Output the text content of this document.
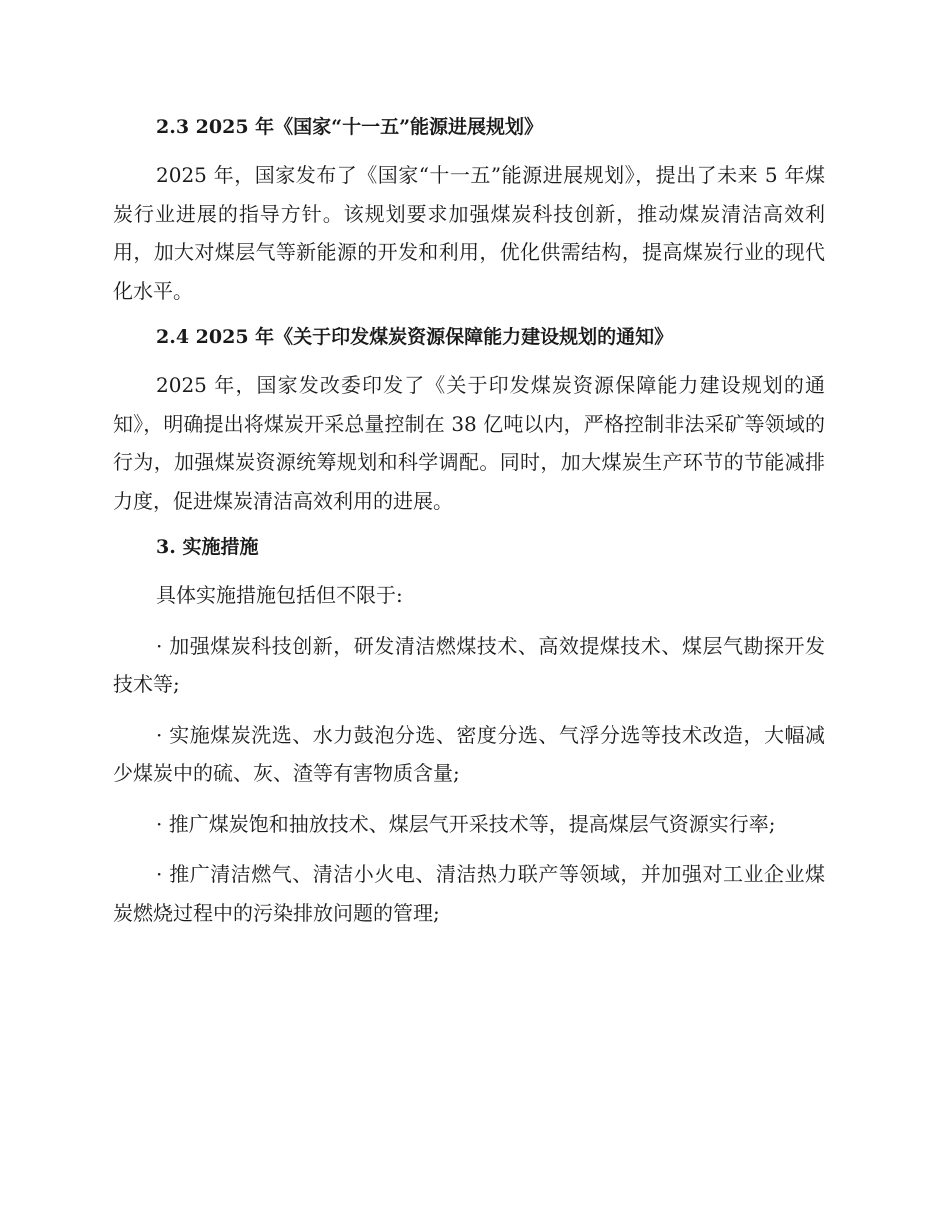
2.3 2025 年《国家“十一五”能源进展规划》

2025 年，国家发布了《国家“十一五”能源进展规划》，提出了未来 5 年煤炭行业进展的指导方针。该规划要求加强煤炭科技创新，推动煤炭清洁高效利用，加大对煤层气等新能源的开发和利用，优化供需结构，提高煤炭行业的现代化水平。

2.4 2025 年《关于印发煤炭资源保障能力建设规划的通知》

2025 年，国家发改委印发了《关于印发煤炭资源保障能力建设规划的通知》，明确提出将煤炭开采总量控制在 38 亿吨以内，严格控制非法采矿等领域的行为，加强煤炭资源统筹规划和科学调配。同时，加大煤炭生产环节的节能减排力度，促进煤炭清洁高效利用的进展。

3. 实施措施

具体实施措施包括但不限于:

· 加强煤炭科技创新，研发清洁燃煤技术、高效提煤技术、煤层气勘探开发技术等;

· 实施煤炭洗选、水力鼓泡分选、密度分选、气浮分选等技术改造，大幅减少煤炭中的硫、灰、渣等有害物质含量;

· 推广煤炭饱和抽放技术、煤层气开采技术等，提高煤层气资源实行率;

· 推广清洁燃气、清洁小火电、清洁热力联产等领域，并加强对工业企业煤炭燃烧过程中的污染排放问题的管理;
